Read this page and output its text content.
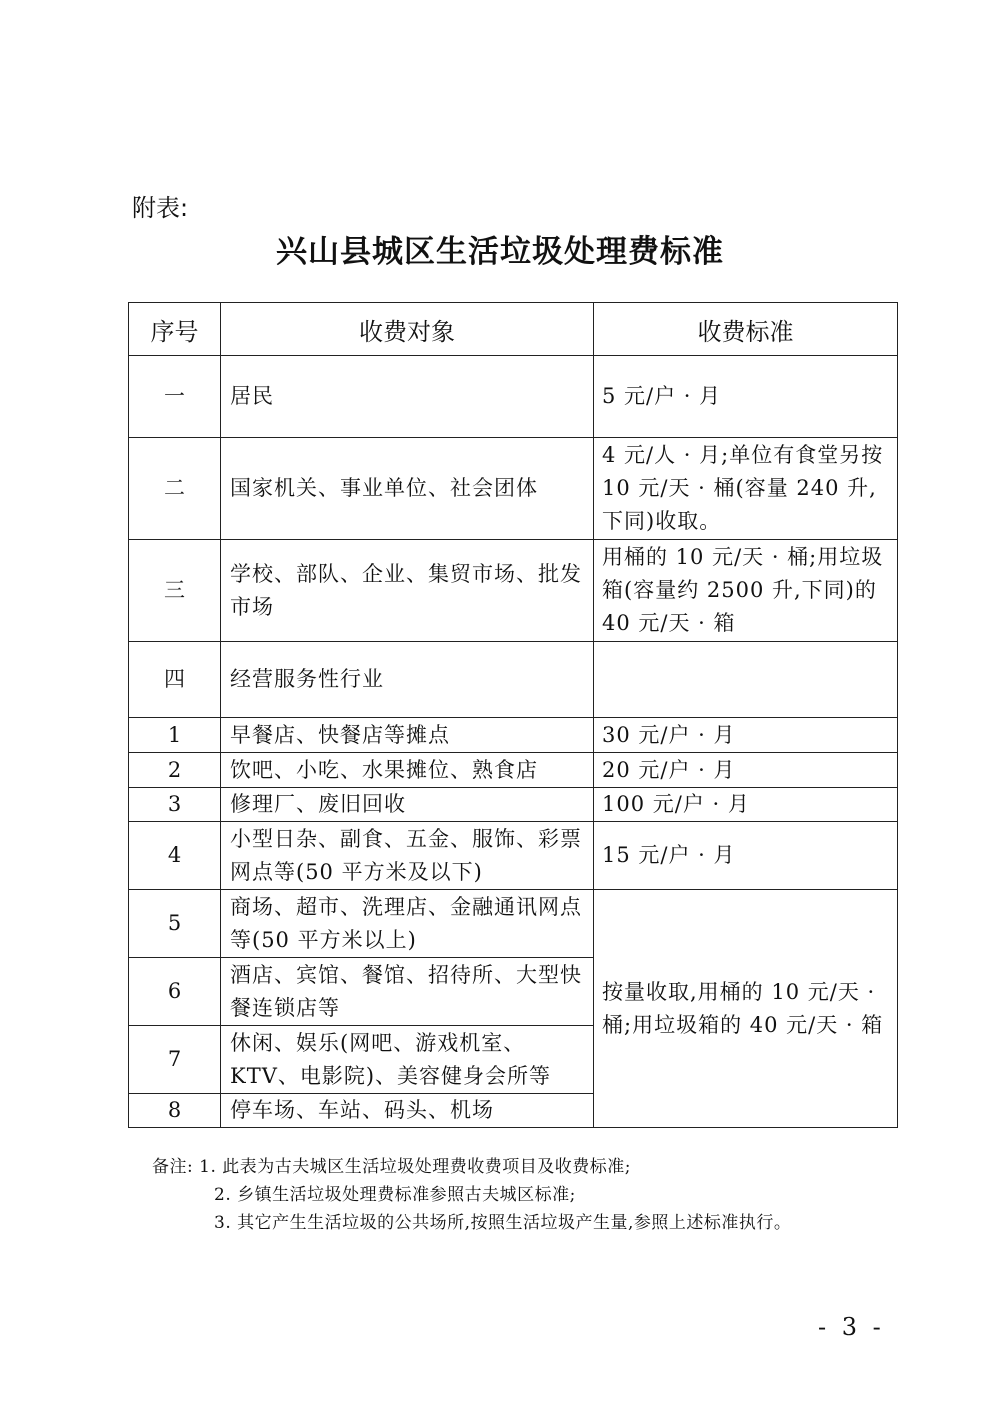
附表:
兴山县城区生活垃圾处理费标准
序号	收费对象	收费标准
一	居民	5 元/户 · 月
二	国家机关、事业单位、社会团体	4 元/人 · 月;单位有食堂另按 10 元/天 · 桶(容量 240 升,下同)收取。
三	学校、部队、企业、集贸市场、批发市场	用桶的 10 元/天 · 桶;用垃圾箱(容量约 2500 升,下同)的 40 元/天 · 箱
四	经营服务性行业	
1	早餐店、快餐店等摊点	30 元/户 · 月
2	饮吧、小吃、水果摊位、熟食店	20 元/户 · 月
3	修理厂、废旧回收	100 元/户 · 月
4	小型日杂、副食、五金、服饰、彩票网点等(50 平方米及以下)	15 元/户 · 月
5	商场、超市、洗理店、金融通讯网点等(50 平方米以上)	按量收取,用桶的 10 元/天 · 桶;用垃圾箱的 40 元/天 · 箱
6	酒店、宾馆、餐馆、招待所、大型快餐连锁店等	
7	休闲、娱乐(网吧、游戏机室、KTV、电影院)、美容健身会所等	
8	停车场、车站、码头、机场	
备注: 1. 此表为古夫城区生活垃圾处理费收费项目及收费标准;
2. 乡镇生活垃圾处理费标准参照古夫城区标准;
3. 其它产生生活垃圾的公共场所,按照生活垃圾产生量,参照上述标准执行。
- 3 -
